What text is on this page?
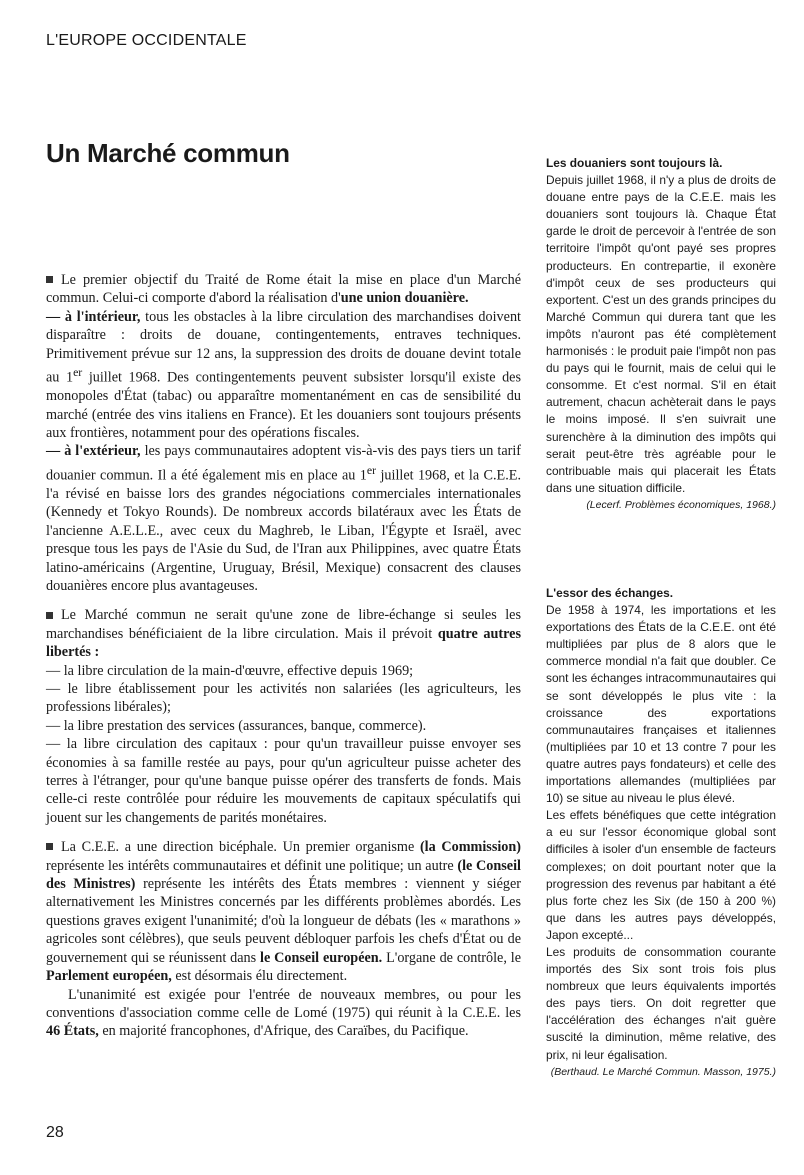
L'EUROPE OCCIDENTALE
Un Marché commun

Le premier objectif du Traité de Rome était la mise en place d'un Marché commun. Celui-ci comporte d'abord la réalisation d'une union douanière.

— à l'intérieur, tous les obstacles à la libre circulation des marchandises doivent disparaître : droits de douane, contingentements, entraves techniques. Primitivement prévue sur 12 ans, la suppression des droits de douane devint totale au 1er juillet 1968. Des contingentements peuvent subsister lorsqu'il existe des monopoles d'État (tabac) ou apparaître momentanément en cas de sensibilité du marché (entrée des vins italiens en France). Et les douaniers sont toujours présents aux frontières, notamment pour des opérations fiscales.

— à l'extérieur, les pays communautaires adoptent vis-à-vis des pays tiers un tarif douanier commun. Il a été également mis en place au 1er juillet 1968, et la C.E.E. l'a révisé en baisse lors des grandes négociations commerciales internationales (Kennedy et Tokyo Rounds). De nombreux accords bilatéraux avec les États de l'ancienne A.E.L.E., avec ceux du Maghreb, le Liban, l'Égypte et Israël, avec presque tous les pays de l'Asie du Sud, de l'Iran aux Philippines, avec quatre États latino-américains (Argentine, Uruguay, Brésil, Mexique) consacrent des clauses douanières encore plus avantageuses.

Le Marché commun ne serait qu'une zone de libre-échange si seules les marchandises bénéficiaient de la libre circulation. Mais il prévoit quatre autres libertés :

— la libre circulation de la main-d'œuvre, effective depuis 1969;

— le libre établissement pour les activités non salariées (les agriculteurs, les professions libérales);

— la libre prestation des services (assurances, banque, commerce).

— la libre circulation des capitaux : pour qu'un travailleur puisse envoyer ses économies à sa famille restée au pays, pour qu'un agriculteur puisse acheter des terres à l'étranger, pour qu'une banque puisse opérer des transferts de fonds. Mais celle-ci reste contrôlée pour réduire les mouvements de capitaux spéculatifs qui jouent sur les changements de parités monétaires.

La C.E.E. a une direction bicéphale. Un premier organisme (la Commission) représente les intérêts communautaires et définit une politique; un autre (le Conseil des Ministres) représente les intérêts des États membres : viennent y siéger alternativement les Ministres concernés par les différents problèmes abordés. Les questions graves exigent l'unanimité; d'où la longueur de débats (les « marathons » agricoles sont célèbres), que seuls peuvent débloquer parfois les chefs d'État ou de gouvernement qui se réunissent dans le Conseil européen. L'organe de contrôle, le Parlement européen, est désormais élu directement.

L'unanimité est exigée pour l'entrée de nouveaux membres, ou pour les conventions d'association comme celle de Lomé (1975) qui réunit à la C.E.E. les 46 États, en majorité francophones, d'Afrique, des Caraïbes, du Pacifique.

Les douaniers sont toujours là.

Depuis juillet 1968, il n'y a plus de droits de douane entre pays de la C.E.E. mais les douaniers sont toujours là. Chaque État garde le droit de percevoir à l'entrée de son territoire l'impôt qu'ont payé ses propres producteurs. En contrepartie, il exonère d'impôt ceux de ses producteurs qui exportent. C'est un des grands principes du Marché Commun qui durera tant que les impôts n'auront pas été complètement harmonisés : le produit paie l'impôt non pas du pays qui le fournit, mais de celui qui le consomme. Et c'est normal. S'il en était autrement, chacun achèterait dans le pays le moins imposé. Il s'en suivrait une surenchère à la diminution des impôts qui serait peut-être très agréable pour le contribuable mais qui placerait les États dans une situation difficile.

(Lecerf. Problèmes économiques, 1968.)

L'essor des échanges.

De 1958 à 1974, les importations et les exportations des États de la C.E.E. ont été multipliées par plus de 8 alors que le commerce mondial n'a fait que doubler. Ce sont les échanges intracommunautaires qui se sont développés le plus vite : la croissance des exportations communautaires françaises et italiennes (multipliées par 10 et 13 contre 7 pour les quatre autres pays fondateurs) et celle des importations allemandes (multipliées par 10) se situe au niveau le plus élevé.

Les effets bénéfiques que cette intégration a eu sur l'essor économique global sont difficiles à isoler d'un ensemble de facteurs complexes; on doit pourtant noter que la progression des revenus par habitant a été plus forte chez les Six (de 150 à 200 %) que dans les autres pays développés, Japon excepté...

Les produits de consommation courante importés des Six sont trois fois plus nombreux que leurs équivalents importés des pays tiers. On doit regretter que l'accélération des échanges n'ait guère suscité la diminution, même relative, des prix, ni leur égalisation.

(Berthaud. Le Marché Commun. Masson, 1975.)

28
